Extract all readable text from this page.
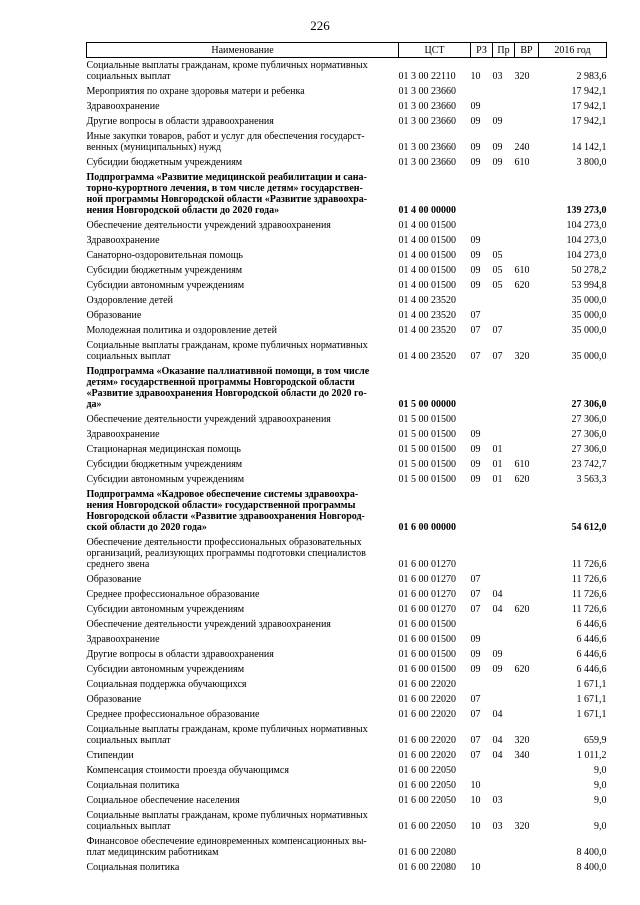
226
Наименование	ЦСТ	РЗ	Пр	ВР	2016 год
Социальные выплаты гражданам, кроме публичных нормативных
социальных выплат	01 3 00 22110	10	03	320	2 983,6
Мероприятия по охране здоровья матери и ребенка	01 3 00 23660				17 942,1
Здравоохранение	01 3 00 23660	09			17 942,1
Другие вопросы в области здравоохранения	01 3 00 23660	09	09		17 942,1
Иные закупки товаров, работ и услуг для обеспечения государст-
венных (муниципальных) нужд	01 3 00 23660	09	09	240	14 142,1
Субсидии бюджетным учреждениям	01 3 00 23660	09	09	610	3 800,0
Подпрограмма «Развитие медицинской реабилитации и сана-
торно-курортного лечения, в том числе детям» государствен-
ной программы Новгородской области «Развитие здравоохра-
нения Новгородской области до 2020 года»	01 4 00 00000				139 273,0
Обеспечение деятельности учреждений здравоохранения	01 4 00 01500				104 273,0
Здравоохранение	01 4 00 01500	09			104 273,0
Санаторно-оздоровительная помощь	01 4 00 01500	09	05		104 273,0
Субсидии бюджетным учреждениям	01 4 00 01500	09	05	610	50 278,2
Субсидии автономным учреждениям	01 4 00 01500	09	05	620	53 994,8
Оздоровление детей	01 4 00 23520				35 000,0
Образование	01 4 00 23520	07			35 000,0
Молодежная политика и оздоровление детей	01 4 00 23520	07	07		35 000,0
Социальные выплаты гражданам, кроме публичных нормативных
социальных выплат	01 4 00 23520	07	07	320	35 000,0
Подпрограмма «Оказание паллиативной помощи, в том числе
детям» государственной программы Новгородской области
«Развитие здравоохранения Новгородской области до 2020 го-
да»	01 5 00 00000				27 306,0
Обеспечение деятельности учреждений здравоохранения	01 5 00 01500				27 306,0
Здравоохранение	01 5 00 01500	09			27 306,0
Стационарная медицинская помощь	01 5 00 01500	09	01		27 306,0
Субсидии бюджетным учреждениям	01 5 00 01500	09	01	610	23 742,7
Субсидии автономным учреждениям	01 5 00 01500	09	01	620	3 563,3
Подпрограмма «Кадровое обеспечение системы здравоохра-
нения Новгородской области» государственной программы
Новгородской области «Развитие здравоохранения Новгород-
ской области до 2020 года»	01 6 00 00000				54 612,0
Обеспечение деятельности профессиональных образовательных
организаций, реализующих программы подготовки специалистов
среднего звена	01 6 00 01270				11 726,6
Образование	01 6 00 01270	07			11 726,6
Среднее профессиональное образование	01 6 00 01270	07	04		11 726,6
Субсидии автономным учреждениям	01 6 00 01270	07	04	620	11 726,6
Обеспечение деятельности учреждений здравоохранения	01 6 00 01500				6 446,6
Здравоохранение	01 6 00 01500	09			6 446,6
Другие вопросы в области здравоохранения	01 6 00 01500	09	09		6 446,6
Субсидии автономным учреждениям	01 6 00 01500	09	09	620	6 446,6
Социальная поддержка обучающихся	01 6 00 22020				1 671,1
Образование	01 6 00 22020	07			1 671,1
Среднее профессиональное образование	01 6 00 22020	07	04		1 671,1
Социальные выплаты гражданам, кроме публичных нормативных
социальных выплат	01 6 00 22020	07	04	320	659,9
Стипендии	01 6 00 22020	07	04	340	1 011,2
Компенсация стоимости проезда обучающимся	01 6 00 22050				9,0
Социальная политика	01 6 00 22050	10			9,0
Социальное обеспечение населения	01 6 00 22050	10	03		9,0
Социальные выплаты гражданам, кроме публичных нормативных
социальных выплат	01 6 00 22050	10	03	320	9,0
Финансовое обеспечение единовременных компенсационных вы-
плат медицинским работникам	01 6 00 22080				8 400,0
Социальная политика	01 6 00 22080	10			8 400,0
